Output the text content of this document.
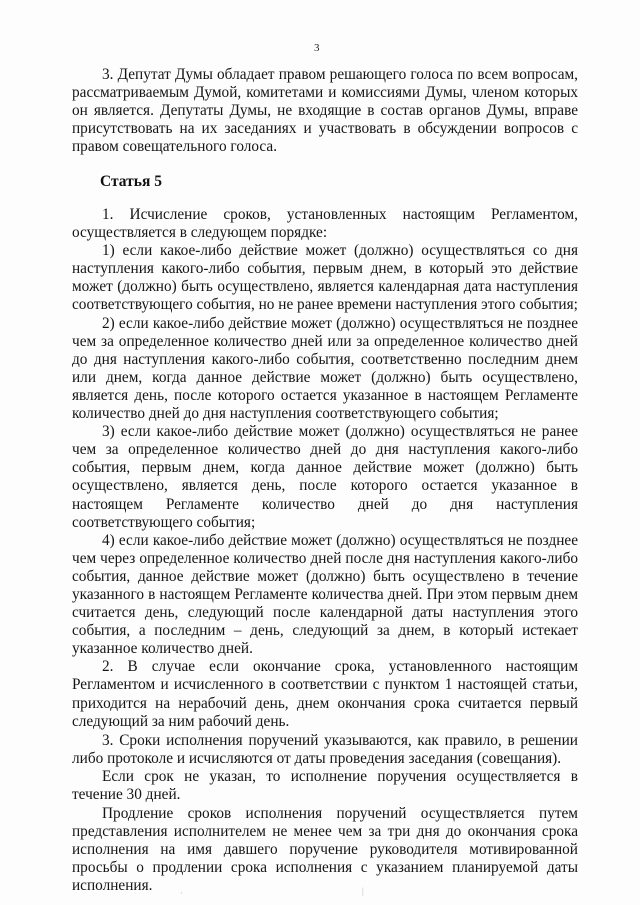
3

3. Депутат Думы обладает правом решающего голоса по всем вопросам, рассматриваемым Думой, комитетами и комиссиями Думы, членом которых он является. Депутаты Думы, не входящие в состав органов Думы, вправе присутствовать на их заседаниях и участвовать в обсуждении вопросов с правом совещательного голоса.

Статья 5

1. Исчисление сроков, установленных настоящим Регламентом, осуществляется в следующем порядке:

1) если какое-либо действие может (должно) осуществляться со дня наступления какого-либо события, первым днем, в который это действие может (должно) быть осуществлено, является календарная дата наступления соответствующего события, но не ранее времени наступления этого события;

2) если какое-либо действие может (должно) осуществляться не позднее чем за определенное количество дней или за определенное количество дней до дня наступления какого-либо события, соответственно последним днем или днем, когда данное действие может (должно) быть осуществлено, является день, после которого остается указанное в настоящем Регламенте количество дней до дня наступления соответствующего события;

3) если какое-либо действие может (должно) осуществляться не ранее чем за определенное количество дней до дня наступления какого-либо события, первым днем, когда данное действие может (должно) быть осуществлено, является день, после которого остается указанное в настоящем Регламенте количество дней до дня наступления соответствующего события;

4) если какое-либо действие может (должно) осуществляться не позднее чем через определенное количество дней после дня наступления какого-либо события, данное действие может (должно) быть осуществлено в течение указанного в настоящем Регламенте количества дней. При этом первым днем считается день, следующий после календарной даты наступления этого события, а последним – день, следующий за днем, в который истекает указанное количество дней.

2. В случае если окончание срока, установленного настоящим Регламентом и исчисленного в соответствии с пунктом 1 настоящей статьи, приходится на нерабочий день, днем окончания срока считается первый следующий за ним рабочий день.

3. Сроки исполнения поручений указываются, как правило, в решении либо протоколе и исчисляются от даты проведения заседания (совещания).

Если срок не указан, то исполнение поручения осуществляется в течение 30 дней.

Продление сроков исполнения поручений осуществляется путем представления исполнителем не менее чем за три дня до окончания срока исполнения на имя давшего поручение руководителя мотивированной просьбы о продлении срока исполнения с указанием планируемой даты исполнения.	·	|
